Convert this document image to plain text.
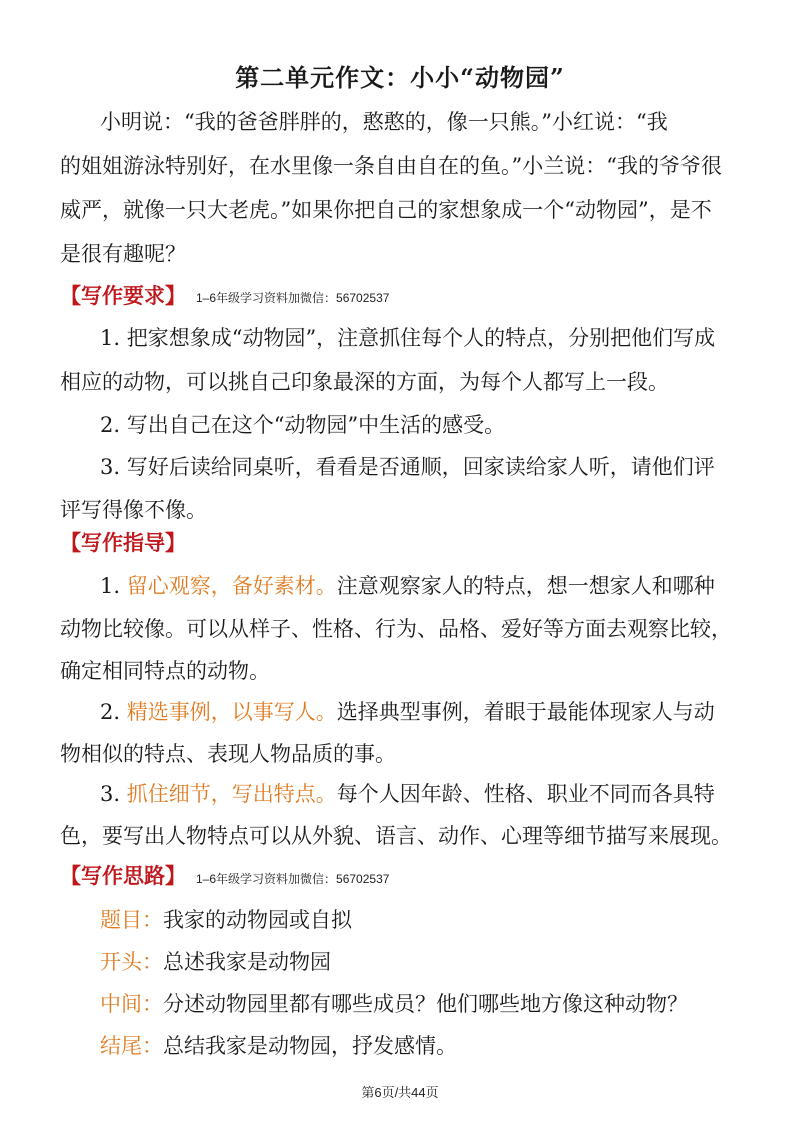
第二单元作文：小小“动物园”
小明说：“我的爸爸胖胖的，憨憨的，像一只熊。”小红说：“我
的姐姐游泳特别好，在水里像一条自由自在的鱼。”小兰说：“我的爷爷很
威严，就像一只大老虎。”如果你把自己的家想象成一个“动物园”，是不
是很有趣呢？
【写作要求】 1–6年级学习资料加微信：56702537
1. 把家想象成“动物园”，注意抓住每个人的特点，分别把他们写成
相应的动物，可以挑自己印象最深的方面，为每个人都写上一段。
2. 写出自己在这个“动物园”中生活的感受。
3. 写好后读给同桌听，看看是否通顺，回家读给家人听，请他们评
评写得像不像。
【写作指导】
1. 留心观察，备好素材。注意观察家人的特点，想一想家人和哪种
动物比较像。可以从样子、性格、行为、品格、爱好等方面去观察比较，
确定相同特点的动物。
2. 精选事例，以事写人。选择典型事例，着眼于最能体现家人与动
物相似的特点、表现人物品质的事。
3. 抓住细节，写出特点。每个人因年龄、性格、职业不同而各具特
色，要写出人物特点可以从外貌、语言、动作、心理等细节描写来展现。
【写作思路】 1–6年级学习资料加微信：56702537
题目：我家的动物园或自拟
开头：总述我家是动物园
中间：分述动物园里都有哪些成员？他们哪些地方像这种动物？
结尾：总结我家是动物园，抒发感情。
第6页/共44页
